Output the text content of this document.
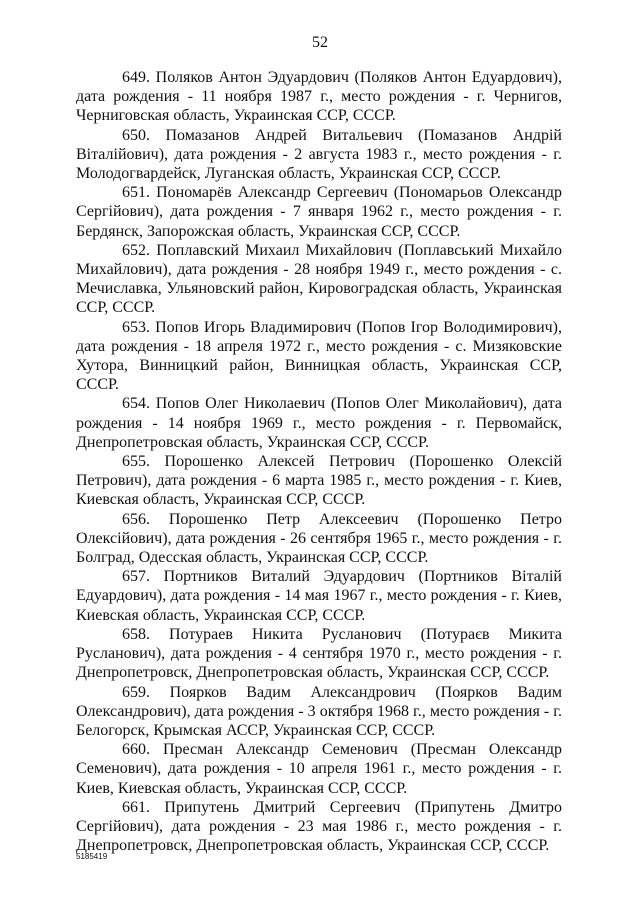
52

649. Поляков Антон Эдуардович (Поляков Антон Едуардович), дата рождения - 11 ноября 1987 г., место рождения - г. Чернигов, Черниговская область, Украинская ССР, СССР.

650. Помазанов Андрей Витальевич (Помазанов Андрій Віталійович), дата рождения - 2 августа 1983 г., место рождения - г. Молодогвардейск, Луганская область, Украинская ССР, СССР.

651. Пономарёв Александр Сергеевич (Пономарьов Олександр Сергійович), дата рождения - 7 января 1962 г., место рождения - г. Бердянск, Запорожская область, Украинская ССР, СССР.

652. Поплавский Михаил Михайлович (Поплавський Михайло Михайлович), дата рождения - 28 ноября 1949 г., место рождения - с. Мечиславка, Ульяновский район, Кировоградская область, Украинская ССР, СССР.

653. Попов Игорь Владимирович (Попов Ігор Володимирович), дата рождения - 18 апреля 1972 г., место рождения - с. Мизяковские Хутора, Винницкий район, Винницкая область, Украинская ССР, СССР.

654. Попов Олег Николаевич (Попов Олег Миколайович), дата рождения - 14 ноября 1969 г., место рождения - г. Первомайск, Днепропетровская область, Украинская ССР, СССР.

655. Порошенко Алексей Петрович (Порошенко Олексій Петрович), дата рождения - 6 марта 1985 г., место рождения - г. Киев, Киевская область, Украинская ССР, СССР.

656. Порошенко Петр Алексеевич (Порошенко Петро Олексійович), дата рождения - 26 сентября 1965 г., место рождения - г. Болград, Одесская область, Украинская ССР, СССР.

657. Портников Виталий Эдуардович (Портников Віталій Едуардович), дата рождения - 14 мая 1967 г., место рождения - г. Киев, Киевская область, Украинская ССР, СССР.

658. Потураев Никита Русланович (Потураєв Микита Русланович), дата рождения - 4 сентября 1970 г., место рождения - г. Днепропетровск, Днепропетровская область, Украинская ССР, СССР.

659. Поярков Вадим Александрович (Поярков Вадим Олександрович), дата рождения - 3 октября 1968 г., место рождения - г. Белогорск, Крымская АССР, Украинская ССР, СССР.

660. Пресман Александр Семенович (Пресман Олександр Семенович), дата рождения - 10 апреля 1961 г., место рождения - г. Киев, Киевская область, Украинская ССР, СССР.

661. Припутень Дмитрий Сергеевич (Припутень Дмитро Сергійович), дата рождения - 23 мая 1986 г., место рождения - г. Днепропетровск, Днепропетровская область, Украинская ССР, СССР.

5185419
